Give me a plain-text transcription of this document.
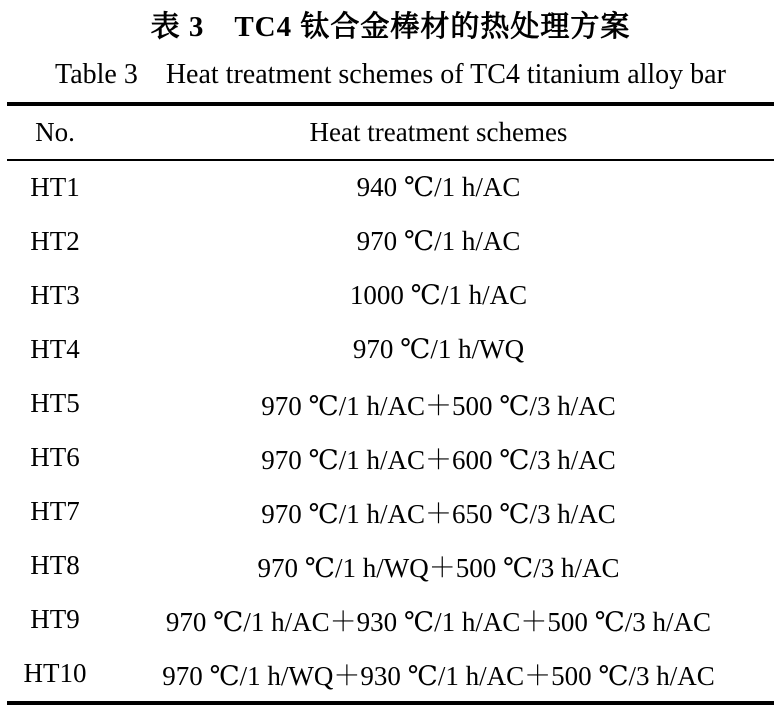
表 3 TC4 钛合金棒材的热处理方案
Table 3 Heat treatment schemes of TC4 titanium alloy bar
No.	Heat treatment schemes
HT1	940 ℃/1 h/AC
HT2	970 ℃/1 h/AC
HT3	1000 ℃/1 h/AC
HT4	970 ℃/1 h/WQ
HT5	970 ℃/1 h/AC＋500 ℃/3 h/AC
HT6	970 ℃/1 h/AC＋600 ℃/3 h/AC
HT7	970 ℃/1 h/AC＋650 ℃/3 h/AC
HT8	970 ℃/1 h/WQ＋500 ℃/3 h/AC
HT9	970 ℃/1 h/AC＋930 ℃/1 h/AC＋500 ℃/3 h/AC
HT10	970 ℃/1 h/WQ＋930 ℃/1 h/AC＋500 ℃/3 h/AC
